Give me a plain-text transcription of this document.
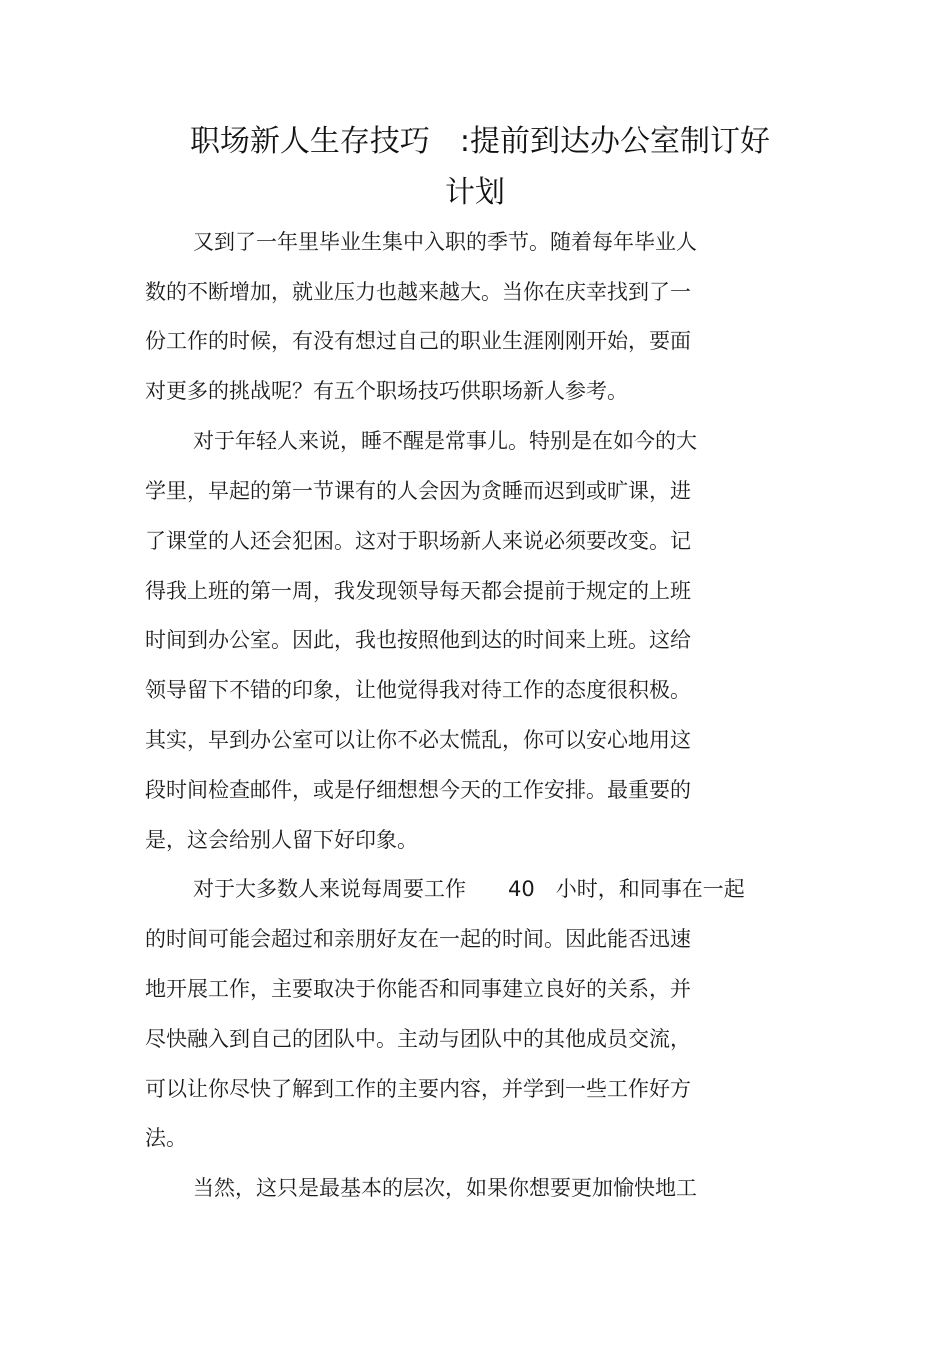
职场新人生存技巧　:提前到达办公室制订好
计划
又到了一年里毕业生集中入职的季节。随着每年毕业人
数的不断增加，就业压力也越来越大。当你在庆幸找到了一
份工作的时候，有没有想过自己的职业生涯刚刚开始，要面
对更多的挑战呢？有五个职场技巧供职场新人参考。
对于年轻人来说，睡不醒是常事儿。特别是在如今的大
学里，早起的第一节课有的人会因为贪睡而迟到或旷课，进
了课堂的人还会犯困。这对于职场新人来说必须要改变。记
得我上班的第一周，我发现领导每天都会提前于规定的上班
时间到办公室。因此，我也按照他到达的时间来上班。这给
领导留下不错的印象，让他觉得我对待工作的态度很积极。
其实，早到办公室可以让你不必太慌乱，你可以安心地用这
段时间检查邮件，或是仔细想想今天的工作安排。最重要的
是，这会给别人留下好印象。
对于大多数人来说每周要工作　　40　小时，和同事在一起
的时间可能会超过和亲朋好友在一起的时间。因此能否迅速
地开展工作，主要取决于你能否和同事建立良好的关系，并
尽快融入到自己的团队中。主动与团队中的其他成员交流，
可以让你尽快了解到工作的主要内容，并学到一些工作好方
法。
当然，这只是最基本的层次，如果你想要更加愉快地工
